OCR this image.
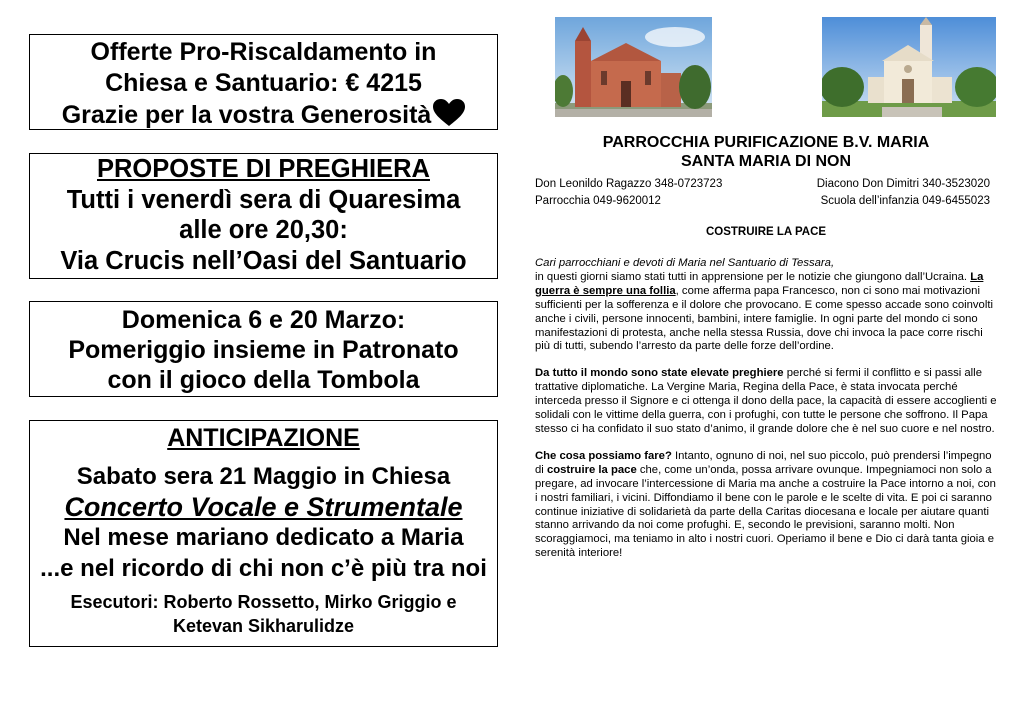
Offerte Pro-Riscaldamento in
Chiesa e Santuario: € 4215
Grazie per la vostra Generosità
PROPOSTE DI PREGHIERA
Tutti i venerdì sera di Quaresima
alle ore 20,30:
Via Crucis nell’Oasi del Santuario
Domenica 6 e 20 Marzo:
Pomeriggio insieme in Patronato
con il gioco della Tombola
ANTICIPAZIONE
Sabato sera 21 Maggio in Chiesa
Concerto Vocale e Strumentale
Nel mese mariano dedicato a Maria
...e nel ricordo di chi non c’è più tra noi
Esecutori: Roberto Rossetto, Mirko Griggio e
Ketevan Sikharulidze
PARROCCHIA PURIFICAZIONE B.V. MARIA
SANTA MARIA DI NON
Don Leonildo Ragazzo 348-0723723	Diacono Don Dimitri 340-3523020
Parrocchia 049-9620012	Scuola dell’infanzia 049-6455023
COSTRUIRE LA PACE

Cari parrocchiani e devoti di Maria nel Santuario di Tessara,
in questi giorni siamo stati tutti in apprensione per le notizie che giungono dall’Ucraina. La guerra è sempre una follia, come afferma papa Francesco, non ci sono mai motivazioni sufficienti per la sofferenza e il dolore che provocano. E come spesso accade sono coinvolti anche i civili, persone innocenti, bambini, intere famiglie. In ogni parte del mondo ci sono manifestazioni di protesta, anche nella stessa Russia, dove chi invoca la pace corre rischi più di tutti, subendo l’arresto da parte delle forze dell’ordine.

Da tutto il mondo sono state elevate preghiere perché si fermi il conflitto e si passi alle trattative diplomatiche. La Vergine Maria, Regina della Pace, è stata invocata perché interceda presso il Signore e ci ottenga il dono della pace, la capacità di essere accoglienti e solidali con le vittime della guerra, con i profughi, con tutte le persone che soffrono. Il Papa stesso ci ha confidato il suo stato d’animo, il grande dolore che è nel suo cuore e nel nostro.

Che cosa possiamo fare? Intanto, ognuno di noi, nel suo piccolo, può prendersi l’impegno di costruire la pace che, come un’onda, possa arrivare ovunque. Impegniamoci non solo a pregare, ad invocare l’intercessione di Maria ma anche a costruire la Pace intorno a noi, con i nostri familiari, i vicini. Diffondiamo il bene con le parole e le scelte di vita. E poi ci saranno continue iniziative di solidarietà da parte della Caritas diocesana e locale per aiutare quanti stanno arrivando da noi come profughi. E, secondo le previsioni, saranno molti. Non scoraggiamoci, ma teniamo in alto i nostri cuori. Operiamo il bene e Dio ci darà tanta gioia e serenità interiore!
